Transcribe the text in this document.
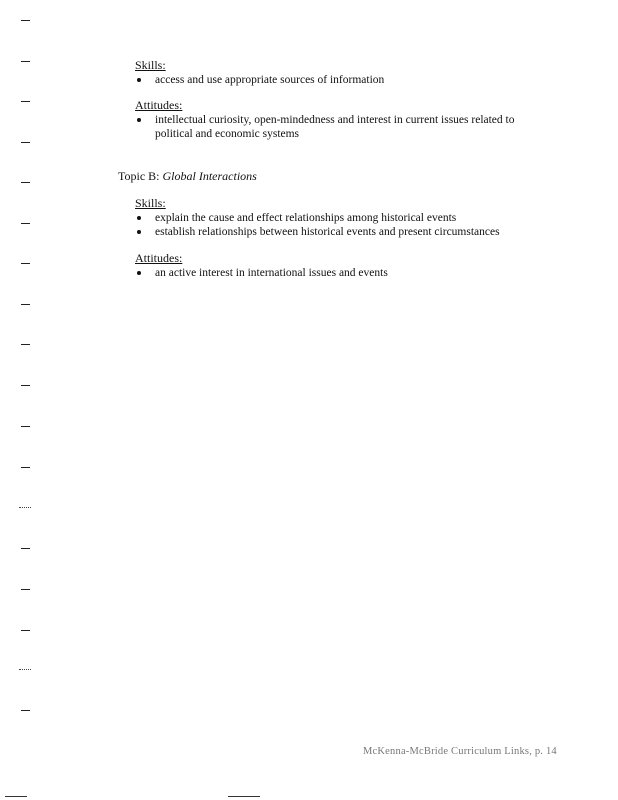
Skills:
access and use appropriate sources of information
Attitudes:
intellectual curiosity, open-mindedness and interest in current issues related to political and economic systems
Topic B: Global Interactions
Skills:
explain the cause and effect relationships among historical events
establish relationships between historical events and present circumstances
Attitudes:
an active interest in international issues and events
McKenna-McBride Curriculum Links, p. 14
